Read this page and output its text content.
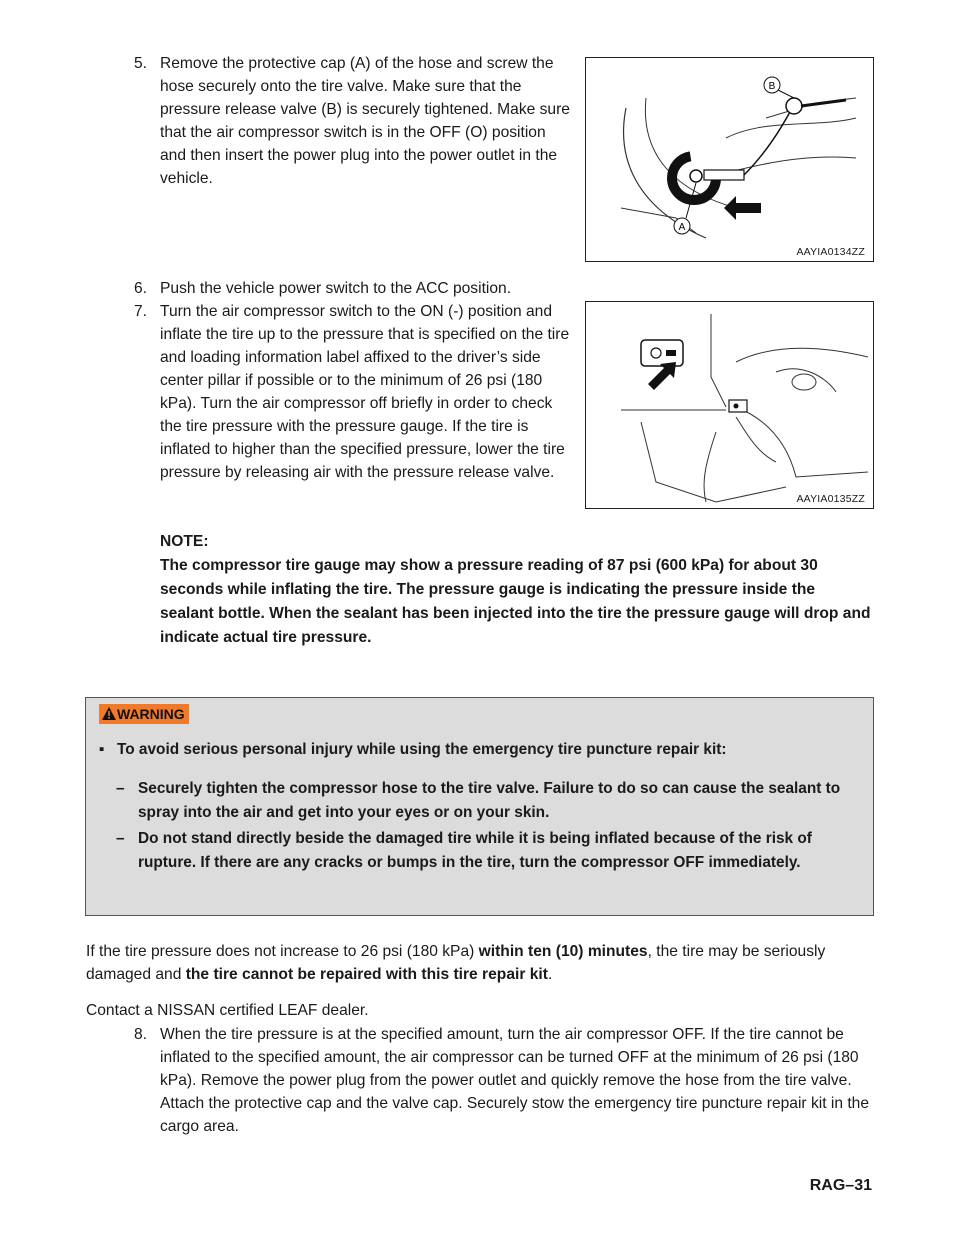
5. Remove the protective cap (A) of the hose and screw the hose securely onto the tire valve. Make sure that the pressure release valve (B) is securely tightened. Make sure that the air compressor switch is in the OFF (O) position and then insert the power plug into the power outlet in the vehicle.
A
B
AAYIA0134ZZ
6. Push the vehicle power switch to the ACC position.
7. Turn the air compressor switch to the ON (-) position and inflate the tire up to the pressure that is specified on the tire and loading information label affixed to the driver’s side center pillar if possible or to the minimum of 26 psi (180 kPa). Turn the air compressor off briefly in order to check the tire pressure with the pressure gauge. If the tire is inflated to higher than the specified pressure, lower the tire pressure by releasing air with the pressure release valve.
AAYIA0135ZZ
NOTE:
The compressor tire gauge may show a pressure reading of 87 psi (600 kPa) for about 30 seconds while inflating the tire. The pressure gauge is indicating the pressure inside the sealant bottle. When the sealant has been injected into the tire the pressure gauge will drop and indicate actual tire pressure.
WARNING
▪ To avoid serious personal injury while using the emergency tire puncture repair kit:
– Securely tighten the compressor hose to the tire valve. Failure to do so can cause the sealant to spray into the air and get into your eyes or on your skin.
– Do not stand directly beside the damaged tire while it is being inflated because of the risk of rupture. If there are any cracks or bumps in the tire, turn the compressor OFF immediately.
If the tire pressure does not increase to 26 psi (180 kPa) within ten (10) minutes, the tire may be seriously damaged and the tire cannot be repaired with this tire repair kit.
Contact a NISSAN certified LEAF dealer.
8. When the tire pressure is at the specified amount, turn the air compressor OFF. If the tire cannot be inflated to the specified amount, the air compressor can be turned OFF at the minimum of 26 psi (180 kPa). Remove the power plug from the power outlet and quickly remove the hose from the tire valve. Attach the protective cap and the valve cap. Securely stow the emergency tire puncture repair kit in the cargo area.
RAG–31
